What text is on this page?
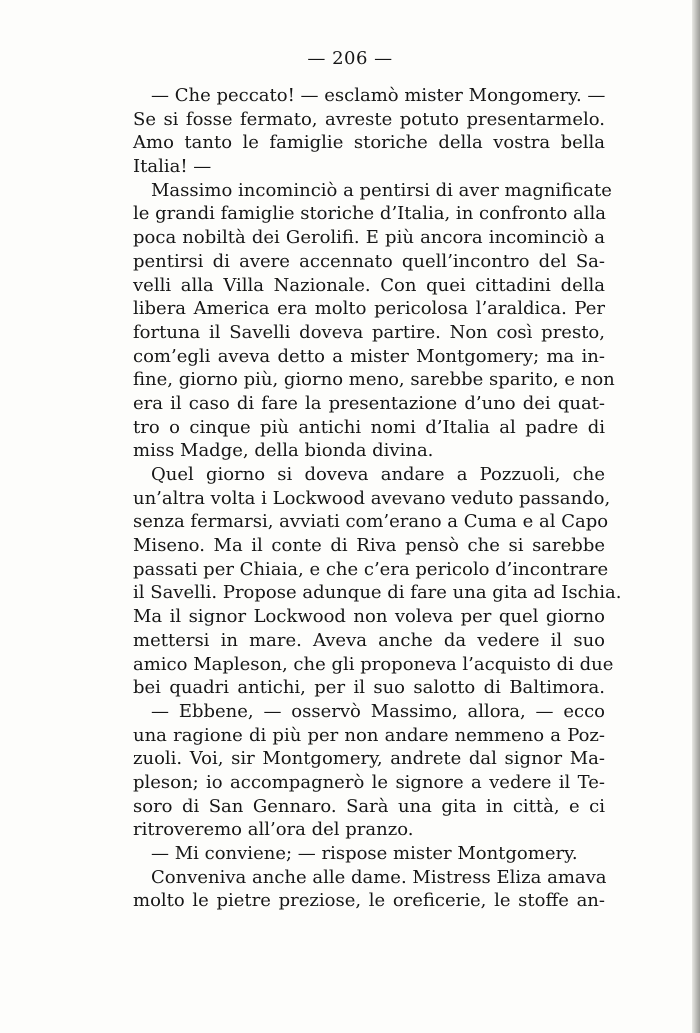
— 206 —
— Che peccato! — esclamò mister Mongomery. —
Se si fosse fermato, avreste potuto presentarmelo.
Amo tanto le famiglie storiche della vostra bella
Italia! —
Massimo incominciò a pentirsi di aver magnificate
le grandi famiglie storiche d’Italia, in confronto alla
poca nobiltà dei Gerolifi. E più ancora incominciò a
pentirsi di avere accennato quell’incontro del Sa-
velli alla Villa Nazionale. Con quei cittadini della
libera America era molto pericolosa l’araldica. Per
fortuna il Savelli doveva partire. Non così presto,
com’egli aveva detto a mister Montgomery; ma in-
fine, giorno più, giorno meno, sarebbe sparito, e non
era il caso di fare la presentazione d’uno dei quat-
tro o cinque più antichi nomi d’Italia al padre di
miss Madge, della bionda divina.
Quel giorno si doveva andare a Pozzuoli, che
un’altra volta i Lockwood avevano veduto passando,
senza fermarsi, avviati com’erano a Cuma e al Capo
Miseno. Ma il conte di Riva pensò che si sarebbe
passati per Chiaia, e che c’era pericolo d’incontrare
il Savelli. Propose adunque di fare una gita ad Ischia.
Ma il signor Lockwood non voleva per quel giorno
mettersi in mare. Aveva anche da vedere il suo
amico Mapleson, che gli proponeva l’acquisto di due
bei quadri antichi, per il suo salotto di Baltimora.
— Ebbene, — osservò Massimo, allora, — ecco
una ragione di più per non andare nemmeno a Poz-
zuoli. Voi, sir Montgomery, andrete dal signor Ma-
pleson; io accompagnerò le signore a vedere il Te-
soro di San Gennaro. Sarà una gita in città, e ci
ritroveremo all’ora del pranzo.
— Mi conviene; — rispose mister Montgomery.
Conveniva anche alle dame. Mistress Eliza amava
molto le pietre preziose, le oreficerie, le stoffe an-
